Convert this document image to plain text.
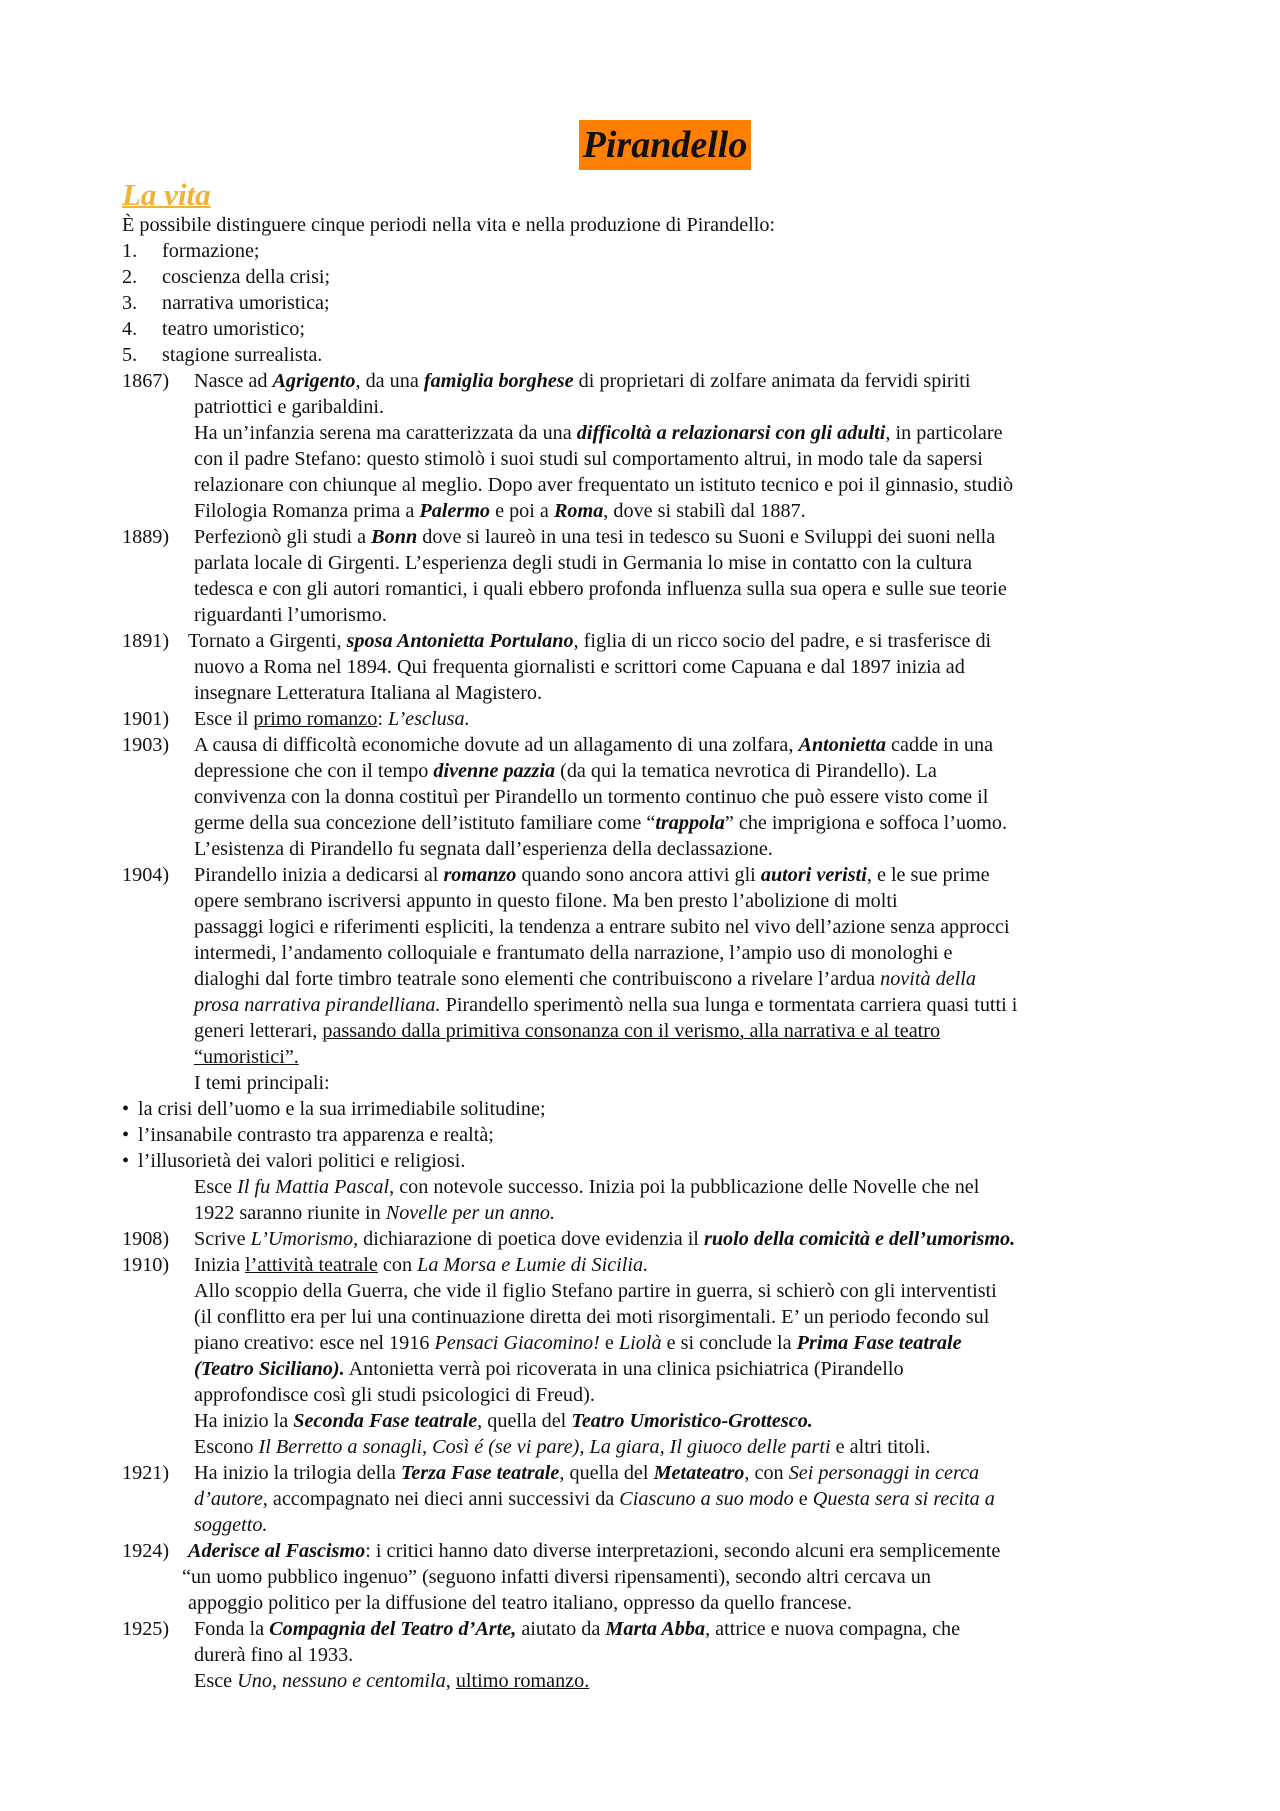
Pirandello
La vita
È possibile distinguere cinque periodi nella vita e nella produzione di Pirandello:
1. formazione;
2. coscienza della crisi;
3. narrativa umoristica;
4. teatro umoristico;
5. stagione surrealista.
1867) Nasce ad Agrigento, da una famiglia borghese di proprietari di zolfare animata da fervidi spiriti
patriottici e garibaldini.
Ha un’infanzia serena ma caratterizzata da una difficoltà a relazionarsi con gli adulti, in particolare
con il padre Stefano: questo stimolò i suoi studi sul comportamento altrui, in modo tale da sapersi
relazionare con chiunque al meglio. Dopo aver frequentato un istituto tecnico e poi il ginnasio, studiò
Filologia Romanza prima a Palermo e poi a Roma, dove si stabilì dal 1887.
1889) Perfezionò gli studi a Bonn dove si laureò in una tesi in tedesco su Suoni e Sviluppi dei suoni nella
parlata locale di Girgenti. L’esperienza degli studi in Germania lo mise in contatto con la cultura
tedesca e con gli autori romantici, i quali ebbero profonda influenza sulla sua opera e sulle sue teorie
riguardanti l’umorismo.
1891) Tornato a Girgenti, sposa Antonietta Portulano, figlia di un ricco socio del padre, e si trasferisce di
nuovo a Roma nel 1894. Qui frequenta giornalisti e scrittori come Capuana e dal 1897 inizia ad
insegnare Letteratura Italiana al Magistero.
1901) Esce il primo romanzo: L’esclusa.
1903) A causa di difficoltà economiche dovute ad un allagamento di una zolfara, Antonietta cadde in una
depressione che con il tempo divenne pazzia (da qui la tematica nevrotica di Pirandello). La
convivenza con la donna costituì per Pirandello un tormento continuo che può essere visto come il
germe della sua concezione dell’istituto familiare come “trappola” che imprigiona e soffoca l’uomo.
L’esistenza di Pirandello fu segnata dall’esperienza della declassazione.
1904) Pirandello inizia a dedicarsi al romanzo quando sono ancora attivi gli autori veristi, e le sue prime
opere sembrano iscriversi appunto in questo filone. Ma ben presto l’abolizione di molti
passaggi logici e riferimenti espliciti, la tendenza a entrare subito nel vivo dell’azione senza approcci
intermedi, l’andamento colloquiale e frantumato della narrazione, l’ampio uso di monologhi e
dialoghi dal forte timbro teatrale sono elementi che contribuiscono a rivelare l’ardua novità della
prosa narrativa pirandelliana. Pirandello sperimentò nella sua lunga e tormentata carriera quasi tutti i
generi letterari, passando dalla primitiva consonanza con il verismo, alla narrativa e al teatro
“umoristici”.
I temi principali:
• la crisi dell’uomo e la sua irrimediabile solitudine;
• l’insanabile contrasto tra apparenza e realtà;
• l’illusorietà dei valori politici e religiosi.
Esce Il fu Mattia Pascal, con notevole successo. Inizia poi la pubblicazione delle Novelle che nel
1922 saranno riunite in Novelle per un anno.
1908) Scrive L’Umorismo, dichiarazione di poetica dove evidenzia il ruolo della comicità e dell’umorismo.
1910) Inizia l’attività teatrale con La Morsa e Lumie di Sicilia.
Allo scoppio della Guerra, che vide il figlio Stefano partire in guerra, si schierò con gli interventisti
(il conflitto era per lui una continuazione diretta dei moti risorgimentali. E’ un periodo fecondo sul
piano creativo: esce nel 1916 Pensaci Giacomino! e Liolà e si conclude la Prima Fase teatrale
(Teatro Siciliano). Antonietta verrà poi ricoverata in una clinica psichiatrica (Pirandello
approfondisce così gli studi psicologici di Freud).
Ha inizio la Seconda Fase teatrale, quella del Teatro Umoristico-Grottesco.
Escono Il Berretto a sonagli, Così é (se vi pare), La giara, Il giuoco delle parti e altri titoli.
1921) Ha inizio la trilogia della Terza Fase teatrale, quella del Metateatro, con Sei personaggi in cerca
d’autore, accompagnato nei dieci anni successivi da Ciascuno a suo modo e Questa sera si recita a
soggetto.
1924) Aderisce al Fascismo: i critici hanno dato diverse interpretazioni, secondo alcuni era semplicemente
“un uomo pubblico ingenuo” (seguono infatti diversi ripensamenti), secondo altri cercava un
appoggio politico per la diffusione del teatro italiano, oppresso da quello francese.
1925) Fonda la Compagnia del Teatro d’Arte, aiutato da Marta Abba, attrice e nuova compagna, che
durerà fino al 1933.
Esce Uno, nessuno e centomila, ultimo romanzo.
